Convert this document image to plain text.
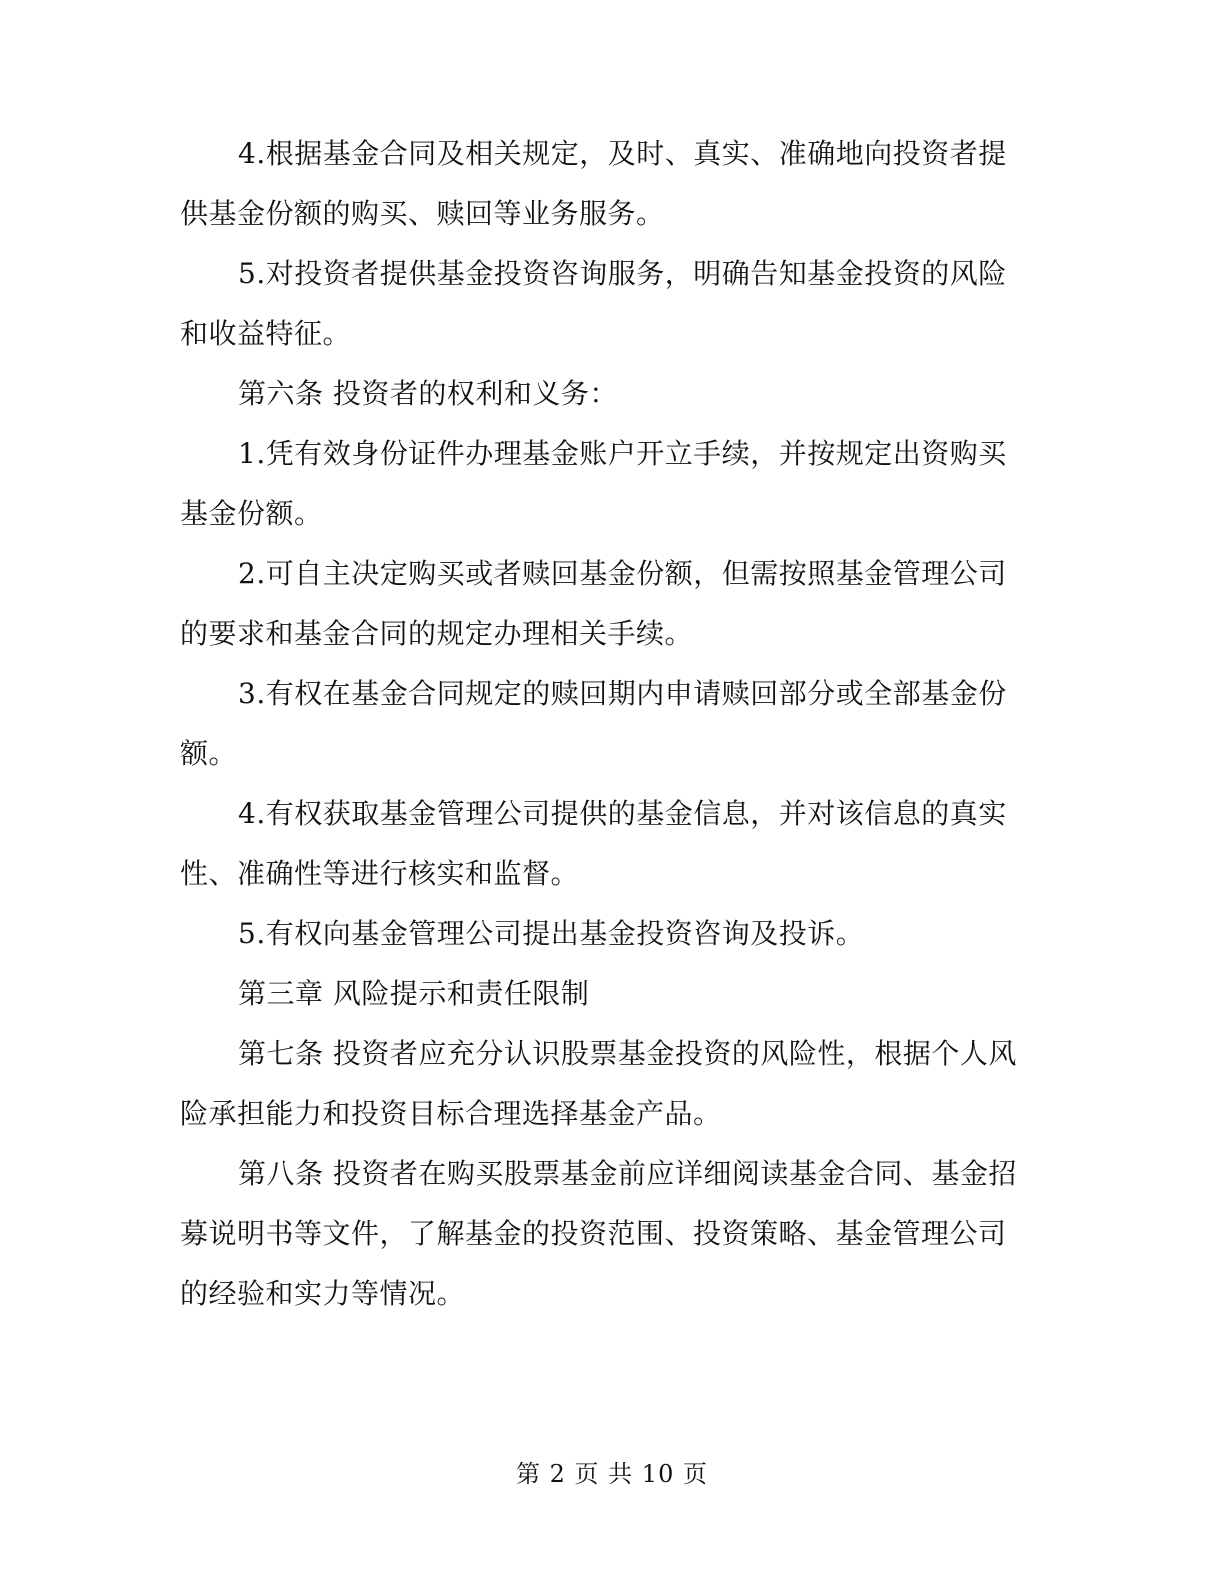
4.根据基金合同及相关规定，及时、真实、准确地向投资者提供基金份额的购买、赎回等业务服务。

5.对投资者提供基金投资咨询服务，明确告知基金投资的风险和收益特征。

第六条 投资者的权利和义务：

1.凭有效身份证件办理基金账户开立手续，并按规定出资购买基金份额。

2.可自主决定购买或者赎回基金份额，但需按照基金管理公司的要求和基金合同的规定办理相关手续。

3.有权在基金合同规定的赎回期内申请赎回部分或全部基金份额。

4.有权获取基金管理公司提供的基金信息，并对该信息的真实性、准确性等进行核实和监督。

5.有权向基金管理公司提出基金投资咨询及投诉。

第三章 风险提示和责任限制

第七条 投资者应充分认识股票基金投资的风险性，根据个人风险承担能力和投资目标合理选择基金产品。

第八条 投资者在购买股票基金前应详细阅读基金合同、基金招募说明书等文件，了解基金的投资范围、投资策略、基金管理公司的经验和实力等情况。

第 2 页 共 10 页
